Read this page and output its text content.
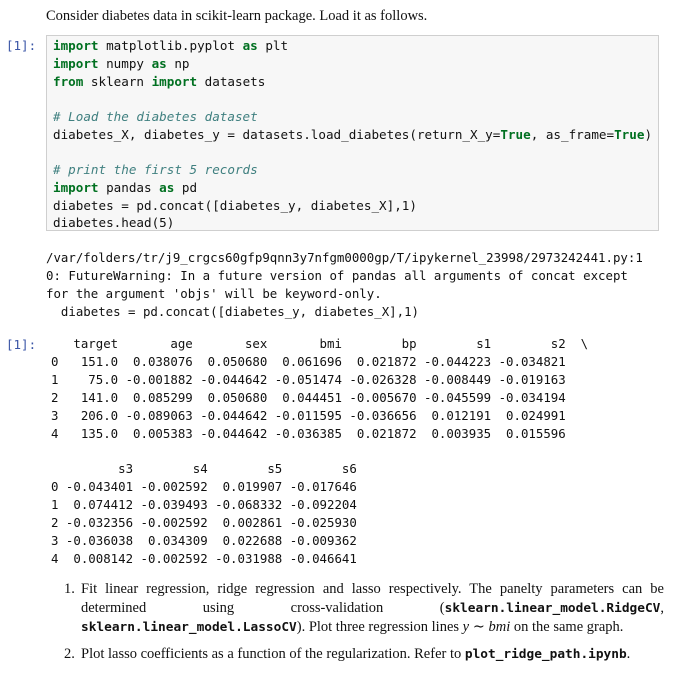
Consider diabetes data in scikit-learn package. Load it as follows.
[1]: import matplotlib.pyplot as plt
import numpy as np
from sklearn import datasets
# Load the diabetes dataset
diabetes_X, diabetes_y = datasets.load_diabetes(return_X_y=True, as_frame=True)
# print the first 5 records
import pandas as pd
diabetes = pd.concat([diabetes_y, diabetes_X],1)
diabetes.head(5)
/var/folders/tr/j9_crgcs60gfp9qnn3y7nfgm0000gp/T/ipykernel_23998/2973242441.py:1
0: FutureWarning: In a future version of pandas all arguments of concat except
for the argument 'objs' will be keyword-only.
diabetes = pd.concat([diabetes_y, diabetes_X],1)
[1]: target       age       sex       bmi        bp        s1        s2  \
0   151.0  0.038076  0.050680  0.061696  0.021872 -0.044223 -0.034821
1    75.0 -0.001882 -0.044642 -0.051474 -0.026328 -0.008449 -0.019163
2   141.0  0.085299  0.050680  0.044451 -0.005670 -0.045599 -0.034194
3   206.0 -0.089063 -0.044642 -0.011595 -0.036656  0.012191  0.024991
4   135.0  0.005383 -0.044642 -0.036385  0.021872  0.003935  0.015596
s3        s4        s5        s6
0 -0.043401 -0.002592  0.019907 -0.017646
1  0.074412 -0.039493 -0.068332 -0.092204
2 -0.032356 -0.002592  0.002861 -0.025930
3 -0.036038  0.034309  0.022688 -0.009362
4  0.008142 -0.002592 -0.031988 -0.046641
1. Fit linear regression, ridge regression and lasso respectively. The panelty parameters can be determined using cross-validation (sklearn.linear_model.RidgeCV, sklearn.linear_model.LassoCV). Plot three regression lines y ∼ bmi on the same graph.
2. Plot lasso coefficients as a function of the regularization. Refer to plot_ridge_path.ipynb.
